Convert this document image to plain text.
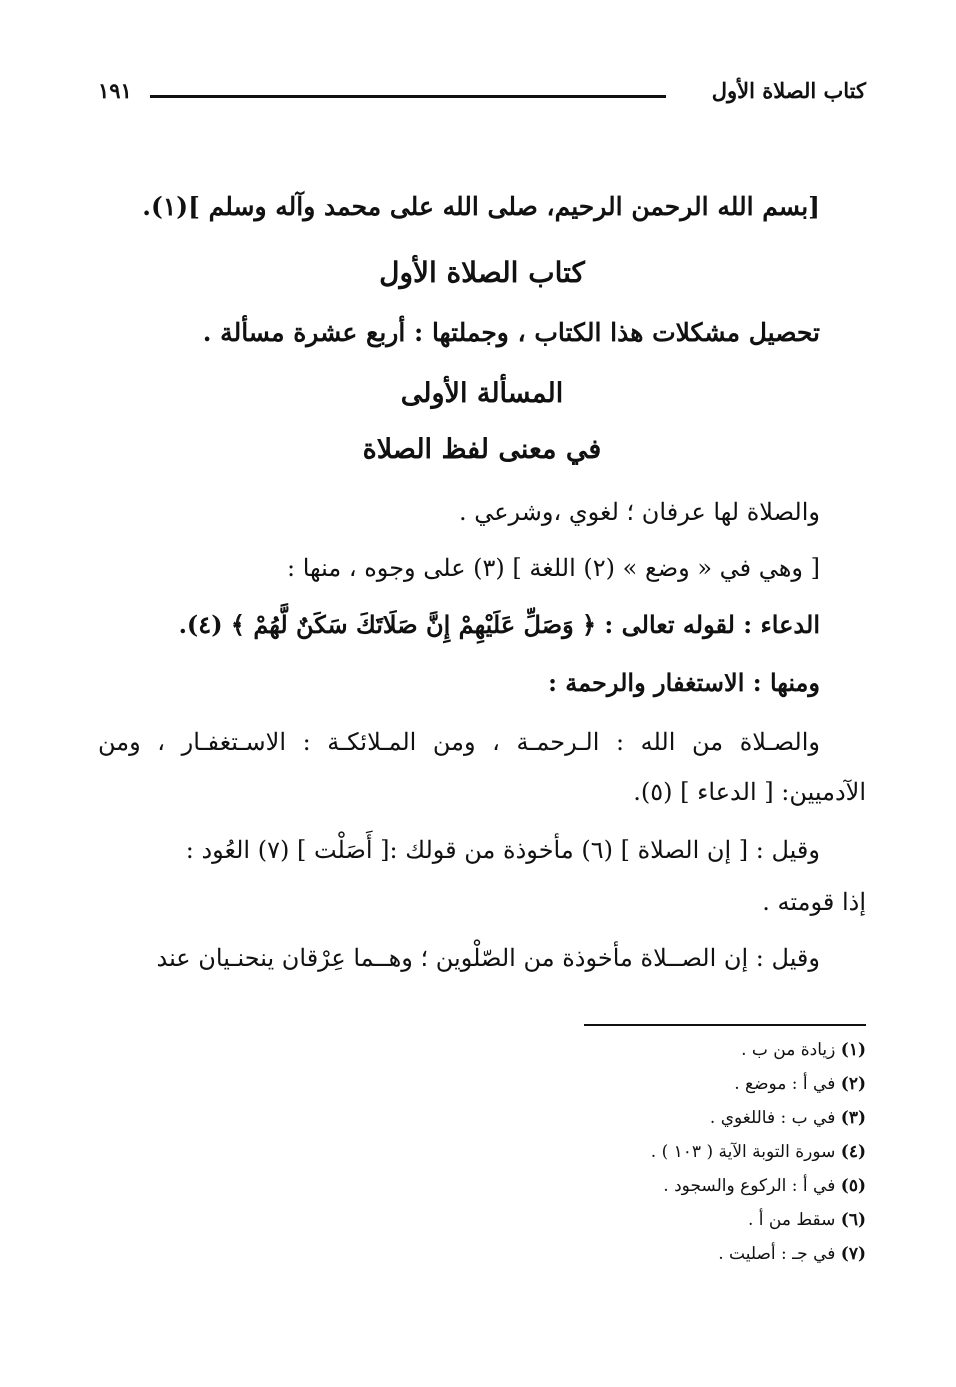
كتاب الصلاة الأول
١٩١
[بسم الله الرحمن الرحيم، صلى الله على محمد وآله وسلم ](١).
كتاب الصلاة الأول
تحصيل مشكلات هذا الكتاب ، وجملتها : أربع عشرة مسألة .
المسألة الأولى
في معنى لفظ الصلاة
والصلاة لها عرفان ؛ لغوي ،وشرعي .
[ وهي في « وضع » (٢) اللغة ] (٣) على وجوه ، منها :
الدعاء : لقوله تعالى : ﴿ وَصَلِّ عَلَيْهِمْ إِنَّ صَلَاتَكَ سَكَنٌ لَّهُمْ ﴾ (٤).
ومنها : الاستغفار والرحمة :
والصـلاة من الله : الـرحمـة ، ومن المـلائكـة : الاسـتغفـار ، ومن
الآدميين: [ الدعاء ] (٥).
وقيل : [ إن الصلاة ] (٦) مأخوذة من قولك :[ أَصَلْت ] (٧) العُود :
إذا قومته .
وقيل : إن الصــلاة مأخوذة من الصّلْوين ؛ وهــما عِرْقان ينحنـيان عند
(١) زيادة من ب .
(٢) في أ : موضع .
(٣) في ب : فاللغوي .
(٤) سورة التوبة الآية ( ١٠٣ ) .
(٥) في أ : الركوع والسجود .
(٦) سقط من أ .
(٧) في جـ : أصليت .
